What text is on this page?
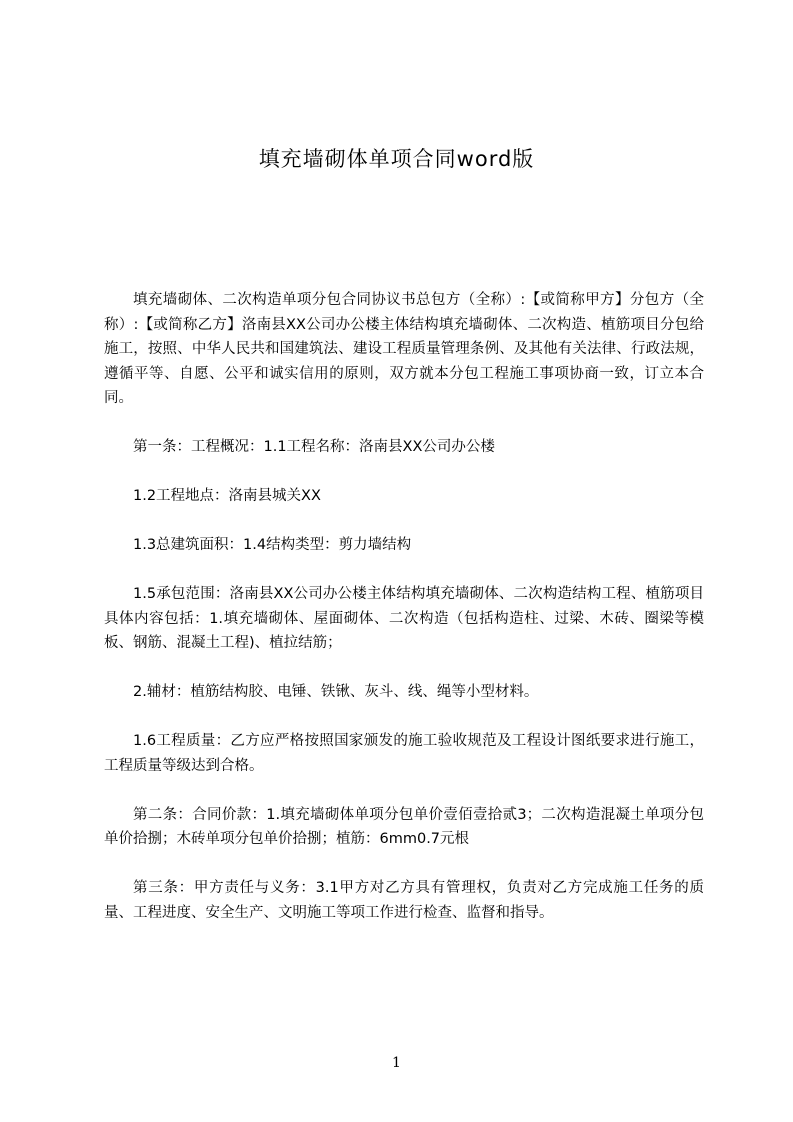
填充墙砌体单项合同word版

填充墙砌体、二次构造单项分包合同协议书总包方（全称）:【或简称甲方】分包方（全称）:【或简称乙方】洛南县XX公司办公楼主体结构填充墙砌体、二次构造、植筋项目分包给施工，按照、中华人民共和国建筑法、建设工程质量管理条例、及其他有关法律、行政法规，遵循平等、自愿、公平和诚实信用的原则，双方就本分包工程施工事项协商一致，订立本合同。

第一条：工程概况：1.1工程名称：洛南县XX公司办公楼

1.2工程地点：洛南县城关XX

1.3总建筑面积：1.4结构类型：剪力墙结构

1.5承包范围：洛南县XX公司办公楼主体结构填充墙砌体、二次构造结构工程、植筋项目具体内容包括：1.填充墙砌体、屋面砌体、二次构造（包括构造柱、过梁、木砖、圈梁等模板、钢筋、混凝土工程)、植拉结筋；

2.辅材：植筋结构胶、电锤、铁锹、灰斗、线、绳等小型材料。

1.6工程质量：乙方应严格按照国家颁发的施工验收规范及工程设计图纸要求进行施工，工程质量等级达到合格。

第二条：合同价款：1.填充墙砌体单项分包单价壹佰壹拾贰3；二次构造混凝土单项分包单价拾捌；木砖单项分包单价拾捌；植筋：6mm0.7元根

第三条：甲方责任与义务：3.1甲方对乙方具有管理权，负责对乙方完成施工任务的质量、工程进度、安全生产、文明施工等项工作进行检查、监督和指导。

1
